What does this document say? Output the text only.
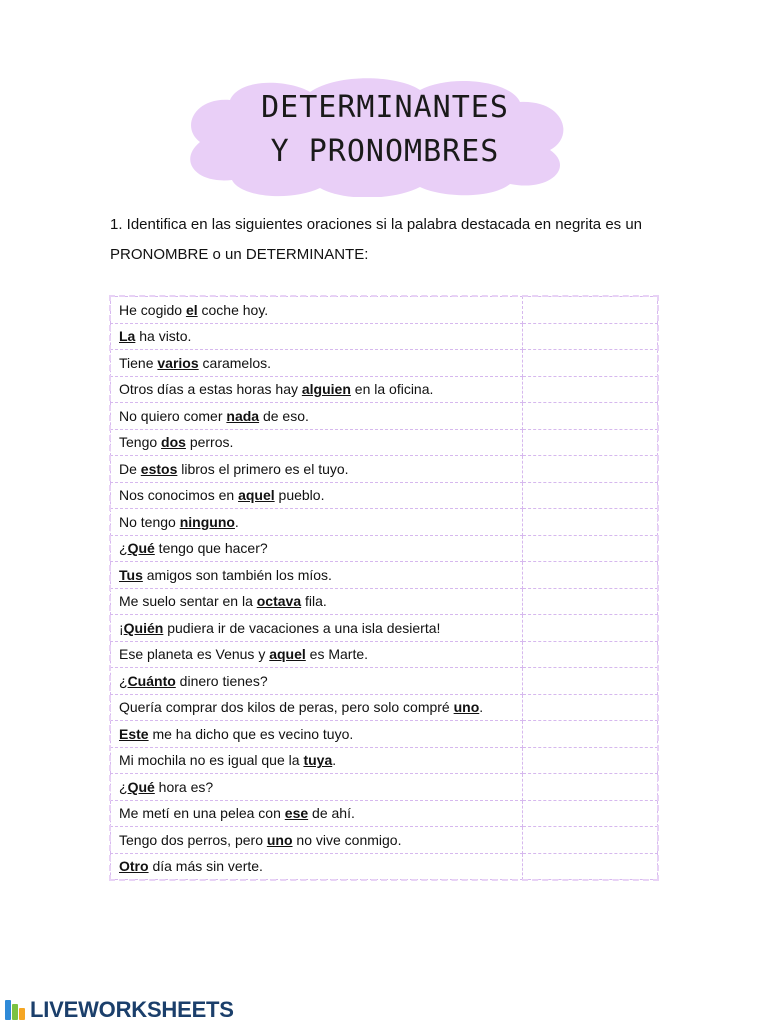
DETERMINANTES
Y PRONOMBRES
1. Identifica en las siguientes oraciones si la palabra destacada en negrita es un
PRONOMBRE o un DETERMINANTE:
He cogido el coche hoy.	
La ha visto.	
Tiene varios caramelos.	
Otros días a estas horas hay alguien en la oficina.	
No quiero comer nada de eso.	
Tengo dos perros.	
De estos libros el primero es el tuyo.	
Nos conocimos en aquel pueblo.	
No tengo ninguno.	
¿Qué tengo que hacer?	
Tus amigos son también los míos.	
Me suelo sentar en la octava fila.	
¡Quién pudiera ir de vacaciones a una isla desierta!	
Ese planeta es Venus y aquel es Marte.	
¿Cuánto dinero tienes?	
Quería comprar dos kilos de peras, pero solo compré uno.	
Este me ha dicho que es vecino tuyo.	
Mi mochila no es igual que la tuya.	
¿Qué hora es?	
Me metí en una pelea con ese de ahí.	
Tengo dos perros, pero uno no vive conmigo.	
Otro día más sin verte.	
LIVEWORKSHEETS
